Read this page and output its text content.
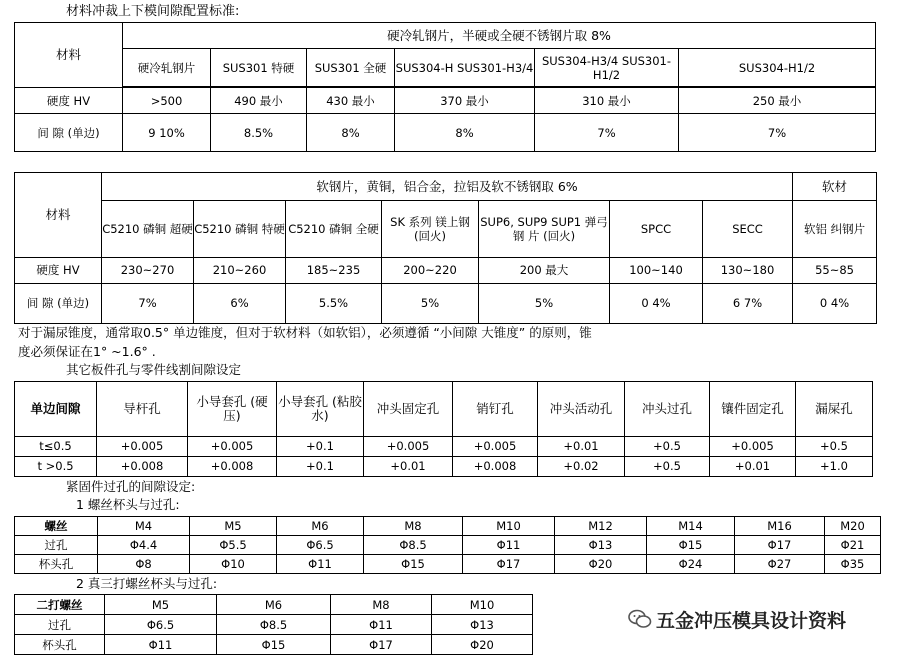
材料冲裁上下模间隙配置标准:
材料	硬冷轧钢片，半硬或全硬不锈钢片取 8%					
	硬冷轧钢片	SUS301 特硬	SUS301 全硬	SUS304-H SUS301-H3/4	SUS304-H3/4 SUS301-H1/2	SUS304-H1/2

硬度 HV	>500	490 最小	430 最小	370 最小	310 最小	250 最小
间 隙 (单边)	9 10%	8.5%	8%	8%	7%	7%
材料	软钢片，黄铜，铝合金，拉铝及软不锈钢取 6%							软材
	C5210 磷铜 超硬	C5210 磷铜 特硬	C5210 磷铜 全硬	SK 系列 镁上钢 (回火)	SUP6, SUP9 SUP1 弹弓钢 片 (回火)	SPCC	SECC	软铝 纠钢片
硬度 HV	230~270	210~260	185~235	200~220	200 最大	100~140	130~180	55~85
间 隙 (单边)	7%	6%	5.5%	5%	5%	0 4%	6 7%	0 4%
对于漏尿锥度，通常取0.5° 单边锥度，但对于软材料（如软铝），必须遵循 “小间隙 大锥度” 的原则，锥
度必须保证在1° ~1.6° .
其它板件孔与零件线割间隙设定
单边间隙	导杆孔	小导套孔 (硬压)	小导套孔 (粘胶水)	冲头固定孔	销钉孔	冲头活动孔	冲头过孔	镶件固定孔	漏屎孔
t≤0.5	+0.005	+0.005	+0.1	+0.005	+0.005	+0.01	+0.5	+0.005	+0.5
t >0.5	+0.008	+0.008	+0.1	+0.01	+0.008	+0.02	+0.5	+0.01	+1.0
紧固件过孔的间隙设定:
1 螺丝杯头与过孔:
螺丝	M4	M5	M6	M8	M10	M12	M14	M16	M20
过孔	Φ4.4	Φ5.5	Φ6.5	Φ8.5	Φ11	Φ13	Φ15	Φ17	Φ21
杯头孔	Φ8	Φ10	Φ11	Φ15	Φ17	Φ20	Φ24	Φ27	Φ35
2 真三打螺丝杯头与过孔:
二打螺丝	M5	M6	M8	M10
过孔	Φ6.5	Φ8.5	Φ11	Φ13
杯头孔	Φ11	Φ15	Φ17	Φ20
五金冲压模具设计资料
